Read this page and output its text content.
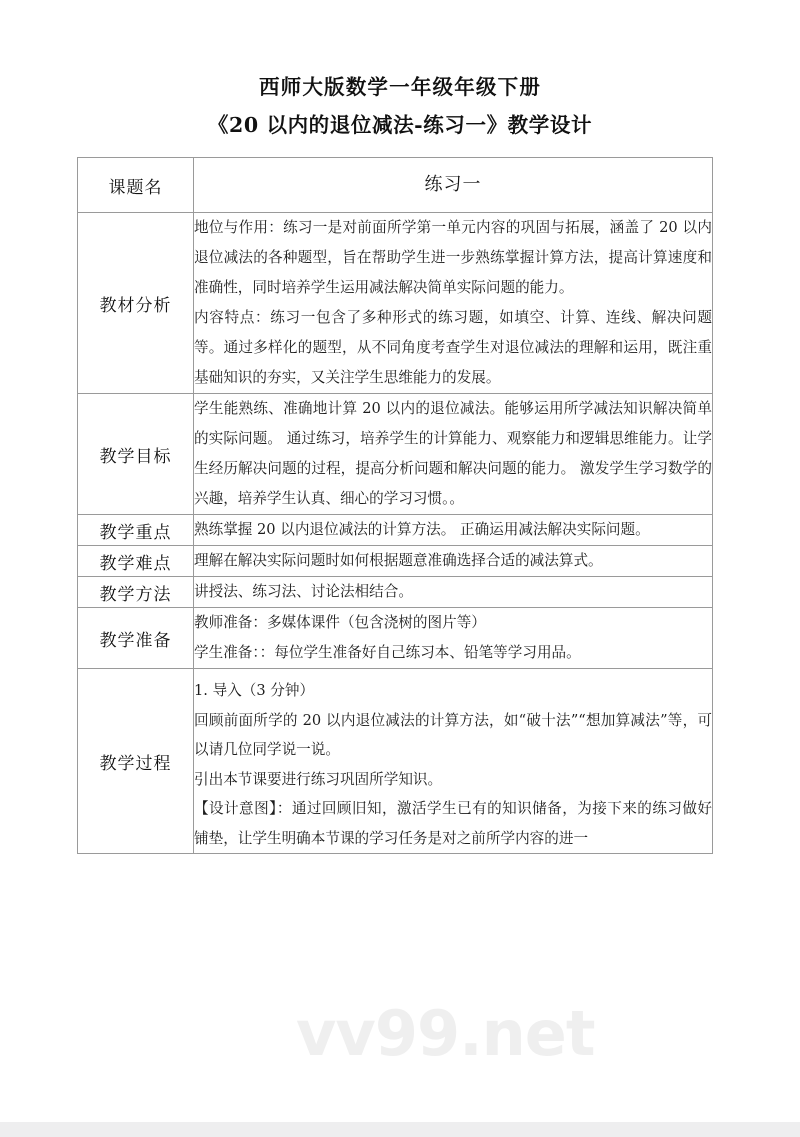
vv99.net
西师大版数学一年级年级下册
《20 以内的退位减法-练习一》教学设计
课题名	练习一

教材分析	地位与作用：练习一是对前面所学第一单元内容的巩固与拓展，涵盖了 20 以内退位减法的各种题型，旨在帮助学生进一步熟练掌握计算方法，提高计算速度和准确性，同时培养学生运用减法解决简单实际问题的能力。

内容特点：练习一包含了多种形式的练习题，如填空、计算、连线、解决问题等。通过多样化的题型，从不同角度考查学生对退位减法的理解和运用，既注重基础知识的夯实，又关注学生思维能力的发展。

教学目标	学生能熟练、准确地计算 20 以内的退位减法。能够运用所学减法知识解决简单的实际问题。 通过练习，培养学生的计算能力、观察能力和逻辑思维能力。让学生经历解决问题的过程，提高分析问题和解决问题的能力。 激发学生学习数学的兴趣，培养学生认真、细心的学习习惯。。

教学重点	熟练掌握 20 以内退位减法的计算方法。 正确运用减法解决实际问题。

教学难点	理解在解决实际问题时如何根据题意准确选择合适的减法算式。

教学方法	讲授法、练习法、讨论法相结合。

教学准备	教师准备：多媒体课件（包含浇树的图片等）

学生准备：：每位学生准备好自己练习本、铅笔等学习用品。

教学过程	1. 导入（3 分钟）

回顾前面所学的 20 以内退位减法的计算方法，如“破十法”“想加算减法”等，可以请几位同学说一说。

引出本节课要进行练习巩固所学知识。

【设计意图】：通过回顾旧知，激活学生已有的知识储备，为接下来的练习做好铺垫，让学生明确本节课的学习任务是对之前所学内容的进一
